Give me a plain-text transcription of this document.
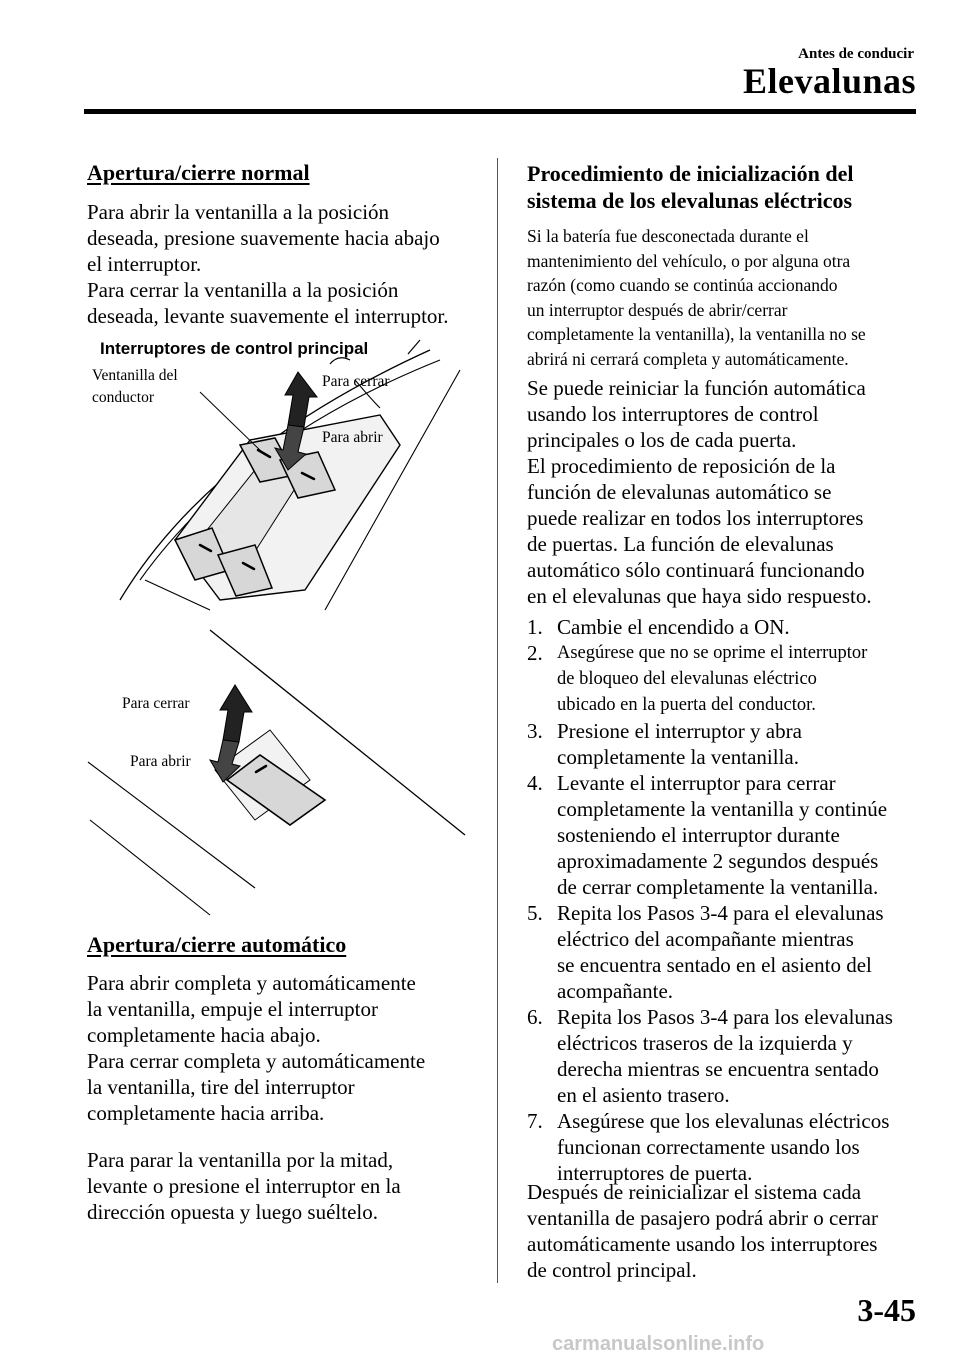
Antes de conducir
Elevalunas
Apertura/cierre normal
Para abrir la ventanilla a la posición
deseada, presione suavemente hacia abajo
el interruptor.
Para cerrar la ventanilla a la posición
deseada, levante suavemente el interruptor.
Interruptores de control principal
Para cerrar
Para abrir
Ventanilla del
conductor
Para cerrar
Para abrir
Apertura/cierre automático
Para abrir completa y automáticamente
la ventanilla, empuje el interruptor
completamente hacia abajo.
Para cerrar completa y automáticamente
la ventanilla, tire del interruptor
completamente hacia arriba.
Para parar la ventanilla por la mitad,
levante o presione el interruptor en la
dirección opuesta y luego suéltelo.
Procedimiento de inicialización del
sistema de los elevalunas eléctricos
Si la batería fue desconectada durante el
mantenimiento del vehículo, o por alguna otra
razón (como cuando se continúa accionando
un interruptor después de abrir/cerrar
completamente la ventanilla), la ventanilla no se
abrirá ni cerrará completa y automáticamente.
Se puede reiniciar la función automática
usando los interruptores de control
principales o los de cada puerta.
El procedimiento de reposición de la
función de elevalunas automático se
puede realizar en todos los interruptores
de puertas. La función de elevalunas
automático sólo continuará funcionando
en el elevalunas que haya sido respuesto.
1. Cambie el encendido a ON.
2. Asegúrese que no se oprime el interruptor
de bloqueo del elevalunas eléctrico
ubicado en la puerta del conductor.
3. Presione el interruptor y abra
completamente la ventanilla.
4. Levante el interruptor para cerrar
completamente la ventanilla y continúe
sosteniendo el interruptor durante
aproximadamente 2 segundos después
de cerrar completamente la ventanilla.
5. Repita los Pasos 3-4 para el elevalunas
eléctrico del acompañante mientras
se encuentra sentado en el asiento del
acompañante.
6. Repita los Pasos 3-4 para los elevalunas
eléctricos traseros de la izquierda y
derecha mientras se encuentra sentado
en el asiento trasero.
7. Asegúrese que los elevalunas eléctricos
funcionan correctamente usando los
interruptores de puerta.
Después de reinicializar el sistema cada
ventanilla de pasajero podrá abrir o cerrar
automáticamente usando los interruptores
de control principal.
3-45
carmanualsonline.info
